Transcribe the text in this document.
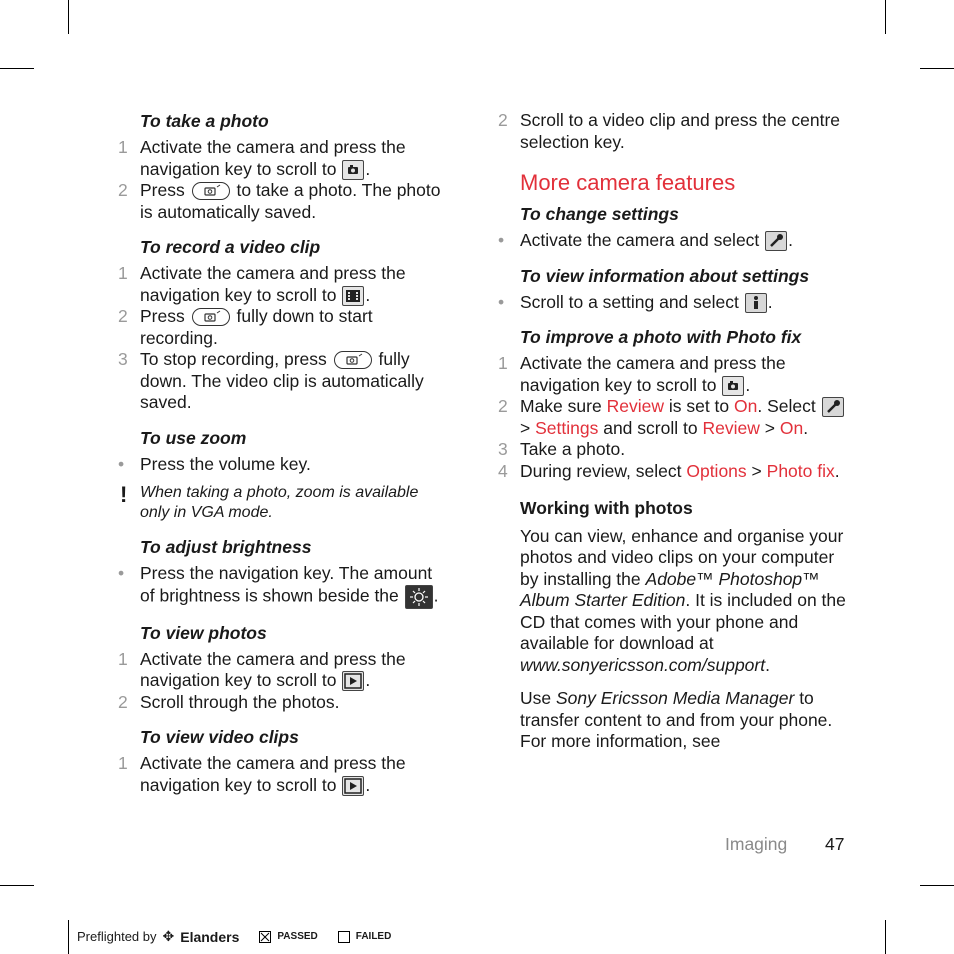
To take a photo
1 Activate the camera and press the navigation key to scroll to .
2 Press	to take a photo. The photo is automatically saved.
To record a video clip
1 Activate the camera and press the navigation key to scroll to .
2 Press	fully down to start recording.
3 To stop recording, press	fully down. The video clip is automatically saved.
To use zoom
• Press the volume key.
! When taking a photo, zoom is available only in VGA mode.
To adjust brightness
• Press the navigation key. The amount of brightness is shown beside the .
To view photos
1 Activate the camera and press the navigation key to scroll to .
2 Scroll through the photos.
To view video clips
1 Activate the camera and press the navigation key to scroll to .
2 Scroll to a video clip and press the centre selection key.
More camera features
To change settings
• Activate the camera and select .
To view information about settings
• Scroll to a setting and select .
To improve a photo with Photo fix
1 Activate the camera and press the navigation key to scroll to .
2 Make sure Review is set to On. Select
> Settings and scroll to Review > On.
3 Take a photo.
4 During review, select Options > Photo fix.
Working with photos
You can view, enhance and organise your photos and video clips on your computer by installing the Adobe™ Photoshop™ Album Starter Edition. It is included on the CD that comes with your phone and available for download at www.sonyericsson.com/support.
Use Sony Ericsson Media Manager to transfer content to and from your phone. For more information, see
Imaging 47
Preflighted by ✥ Elanders	PASSED	FAILED
